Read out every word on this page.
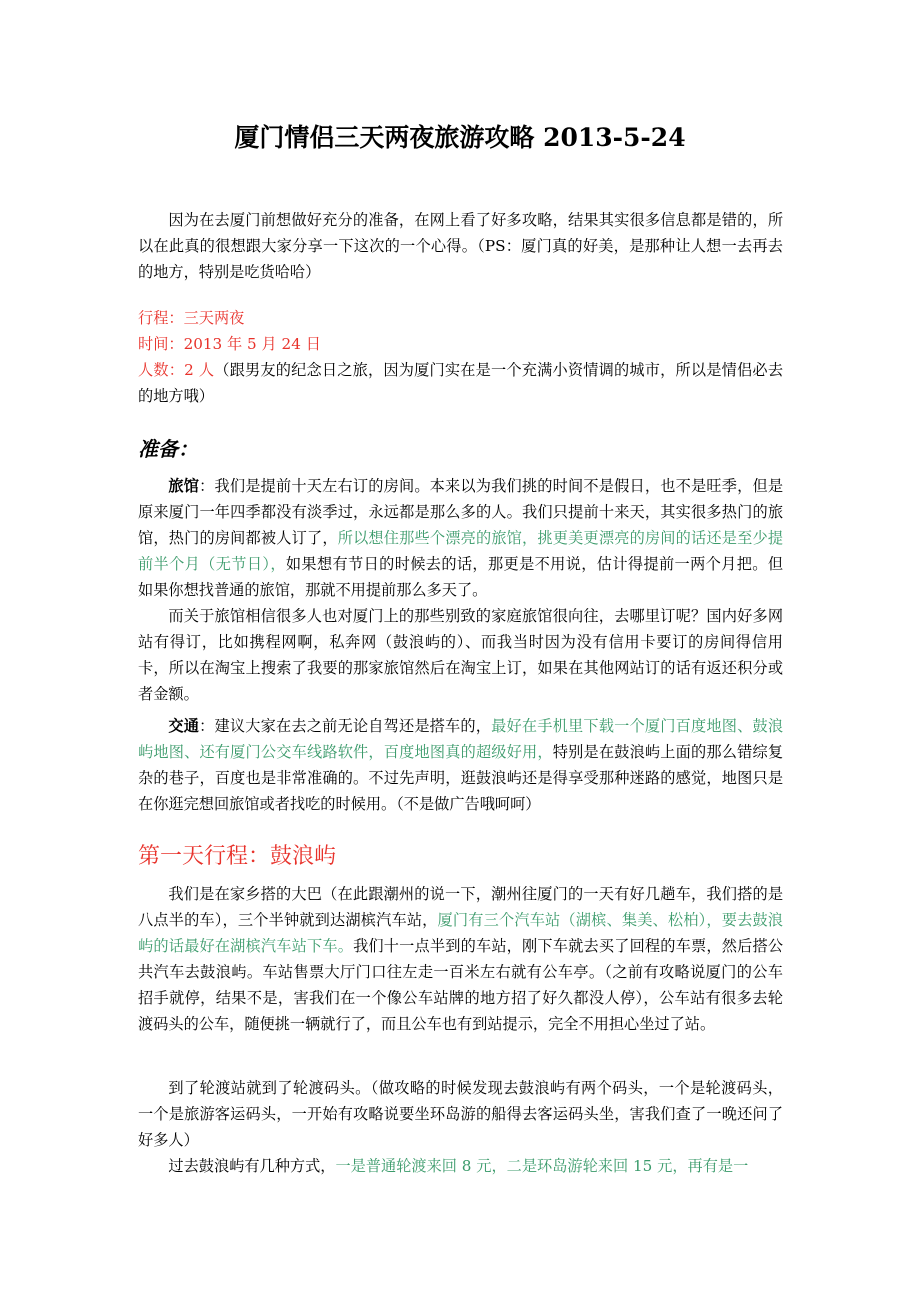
厦门情侣三天两夜旅游攻略 2013-5-24

因为在去厦门前想做好充分的准备，在网上看了好多攻略，结果其实很多信息都是错的，所以在此真的很想跟大家分享一下这次的一个心得。（PS：厦门真的好美，是那种让人想一去再去的地方，特别是吃货哈哈）

行程：三天两夜

时间：2013 年 5 月 24 日

人数：2 人（跟男友的纪念日之旅，因为厦门实在是一个充满小资情调的城市，所以是情侣必去的地方哦）

准备：

旅馆：我们是提前十天左右订的房间。本来以为我们挑的时间不是假日，也不是旺季，但是原来厦门一年四季都没有淡季过，永远都是那么多的人。我们只提前十来天，其实很多热门的旅馆，热门的房间都被人订了，所以想住那些个漂亮的旅馆，挑更美更漂亮的房间的话还是至少提前半个月（无节日），如果想有节日的时候去的话，那更是不用说，估计得提前一两个月把。但如果你想找普通的旅馆，那就不用提前那么多天了。

而关于旅馆相信很多人也对厦门上的那些别致的家庭旅馆很向往，去哪里订呢？国内好多网站有得订，比如携程网啊，私奔网（鼓浪屿的）、而我当时因为没有信用卡要订的房间得信用卡，所以在淘宝上搜索了我要的那家旅馆然后在淘宝上订，如果在其他网站订的话有返还积分或者金额。

交通：建议大家在去之前无论自驾还是搭车的，最好在手机里下载一个厦门百度地图、鼓浪屿地图、还有厦门公交车线路软件，百度地图真的超级好用，特别是在鼓浪屿上面的那么错综复杂的巷子，百度也是非常准确的。不过先声明，逛鼓浪屿还是得享受那种迷路的感觉，地图只是在你逛完想回旅馆或者找吃的时候用。（不是做广告哦呵呵）

第一天行程：鼓浪屿

我们是在家乡搭的大巴（在此跟潮州的说一下，潮州往厦门的一天有好几趟车，我们搭的是八点半的车），三个半钟就到达湖槟汽车站，厦门有三个汽车站（湖槟、集美、松柏），要去鼓浪屿的话最好在湖槟汽车站下车。我们十一点半到的车站，刚下车就去买了回程的车票，然后搭公共汽车去鼓浪屿。车站售票大厅门口往左走一百米左右就有公车亭。（之前有攻略说厦门的公车招手就停，结果不是，害我们在一个像公车站牌的地方招了好久都没人停），公车站有很多去轮渡码头的公车，随便挑一辆就行了，而且公车也有到站提示，完全不用担心坐过了站。

到了轮渡站就到了轮渡码头。（做攻略的时候发现去鼓浪屿有两个码头，一个是轮渡码头，一个是旅游客运码头，一开始有攻略说要坐环岛游的船得去客运码头坐，害我们查了一晚还问了好多人）

过去鼓浪屿有几种方式，一是普通轮渡来回 8 元，二是环岛游轮来回 15 元，再有是一
